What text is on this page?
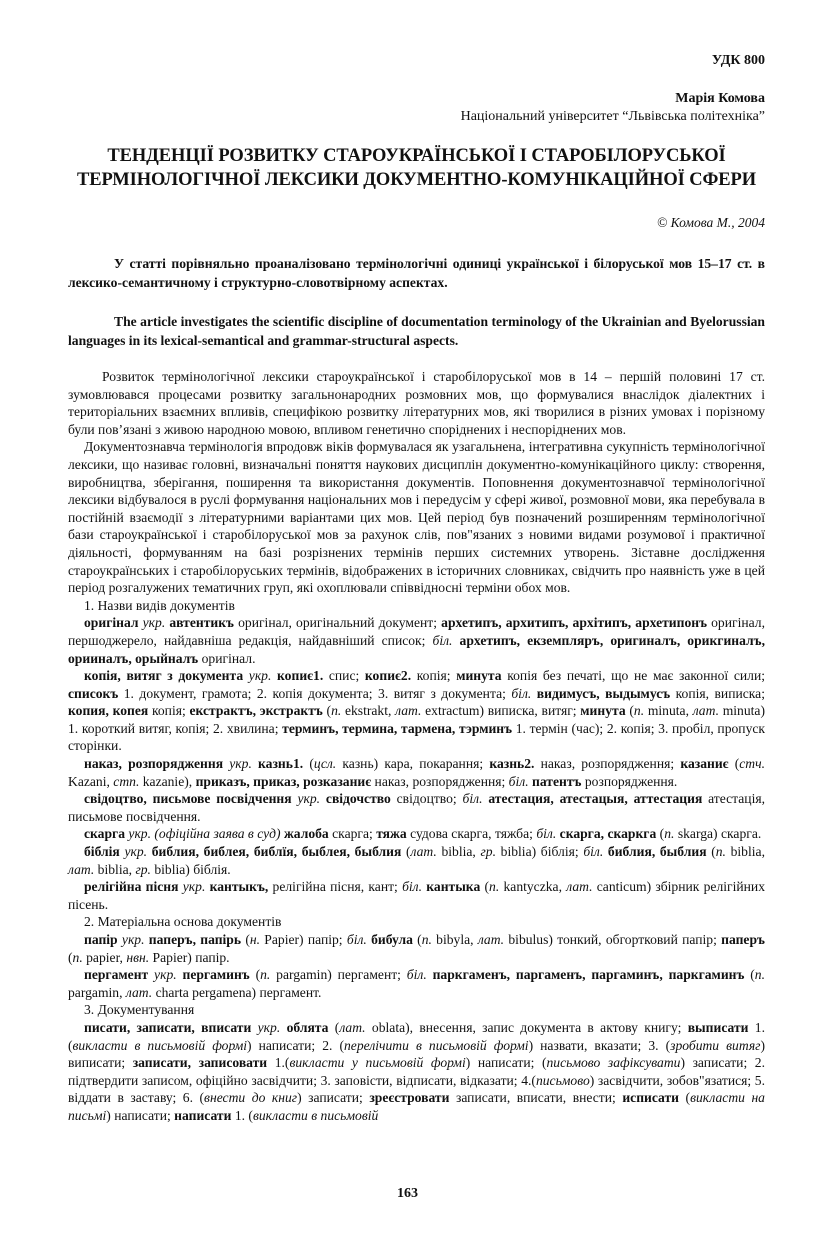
УДК 800
Марія Комова
Національний університет “Львівська політехніка”
ТЕНДЕНЦІЇ РОЗВИТКУ СТАРОУКРАЇНСЬКОЇ І СТАРОБІЛОРУСЬКОЇ
ТЕРМІНОЛОГІЧНОЇ ЛЕКСИКИ ДОКУМЕНТНО-КОМУНІКАЦІЙНОЇ СФЕРИ
© Комова М., 2004
У статті порівняльно проаналізовано термінологічні одиниці української і білоруської мов 15–17 ст. в лексико-семантичному і структурно-словотвірному аспектах.
The article investigates the scientific discipline of documentation terminology of the Ukrainian and Byelorussian languages in its lexical-semantical and grammar-structural aspects.

Розвиток термінологічної лексики староукраїнської і старобілоруської мов в 14 – першій половині 17 ст. зумовлювався процесами розвитку загальнонародних розмовних мов, що формувалися внаслідок діалектних і територіальних взаємних впливів, специфікою розвитку літературних мов, які творилися в різних умовах і порізному були пов’язані з живою народною мовою, впливом генетично споріднених і неспоріднених мов.

Документознавча термінологія впродовж віків формувалася як узагальнена, інтегративна сукупність термінологічної лексики, що називає головні, визначальні поняття наукових дисциплін документно-комунікаційного циклу: створення, виробництва, зберігання, поширення та використання документів. Поповнення документознавчої термінологічної лексики відбувалося в руслі формування національних мов і передусім у сфері живої, розмовної мови, яка перебувала в постійній взаємодії з літературними варіантами цих мов. Цей період був позначений розширенням термінологічної бази староукраїнської і старобілоруської мов за рахунок слів, пов"язаних з новими видами розумової і практичної діяльності, формуванням на базі розрізнених термінів перших системних утворень. Зіставне дослідження староукраїнських і старобілоруських термінів, відображених в історичних словниках, свідчить про наявність уже в цей період розгалужених тематичних груп, які охоплювали співвідносні терміни обох мов.

1. Назви видів документів

оригінал укр. автентикъ оригінал, оригінальний документ; архетипъ, архитипъ, архітипъ, архетипонъ оригінал, першоджерело, найдавніша редакція, найдавніший список; біл. архетипъ, екземпляръ, оригиналъ, орикгиналъ, орииналъ, орыйналъ оригінал.

копія, витяг з документа укр. копиє1. спис; копиє2. копія; минута копія без печаті, що не має законної сили; списокъ 1. документ, грамота; 2. копія документа; 3. витяг з документа; біл. видимусъ, выдымусъ копія, виписка; копия, копея копія; екстрактъ, экстрактъ (п. ekstrakt, лат. extractum) виписка, витяг; минута (п. minuta, лат. minuta) 1. короткий витяг, копія; 2. хвилина; терминъ, термина, тармена, тэрминъ 1. термін (час); 2. копія; 3. пробіл, пропуск сторінки.

наказ, розпорядження укр. казнь1. (цсл. казнь) кара, покарання; казнь2. наказ, розпорядження; казаниє (стч. Kazani, стп. kazanie), приказъ, приказ, розказаниє наказ, розпорядження; біл. патентъ розпорядження.

свідоцтво, письмове посвідчення укр. свідочство свідоцтво; біл. атестация, атестацыя, аттестация атестація, письмове посвідчення.

скарга укр. (офіційна заява в суд) жалоба скарга; тяжа судова скарга, тяжба; біл. скарга, скаркга (п. skarga) скарга.

біблія укр. библия, библея, библїя, быблея, быблия (лат. biblia, гр. biblia) біблія; біл. библия, быблия (п. biblia, лат. biblia, гр. biblia) біблія.

релігійна пісня укр. кантыкъ, релігійна пісня, кант; біл. кантыка (п. kantyczka, лат. canticum) збірник релігійних пісень.

2. Матеріальна основа документів

папір укр. паперъ, папірь (н. Papier) папір; біл. бибула (п. bibyla, лат. bibulus) тонкий, обгортковий папір; паперъ (п. papier, нвн. Papier) папір.

пергамент укр. пергаминъ (п. pargamin) пергамент; біл. паркгаменъ, паргаменъ, паргаминъ, паркгаминъ (п. pargamin, лат. charta pergamena) пергамент.

3. Документування

писати, записати, вписати укр. облята (лат. oblata), внесення, запис документа в актову книгу; выписати 1. (викласти в письмовій формі) написати; 2. (перелічити в письмовій формі) назвати, вказати; 3. (зробити витяг) виписати; записати, записовати 1.(викласти у письмовій формі) написати; (письмово зафіксувати) записати; 2. підтвердити записом, офіційно засвідчити; 3. заповісти, відписати, відказати; 4.(письмово) засвідчити, зобов"язатися; 5. віддати в заставу; 6. (внести до книг) записати; зреєстровати записати, вписати, внести; исписати (викласти на письмі) написати; написати 1. (викласти в письмовій

163
